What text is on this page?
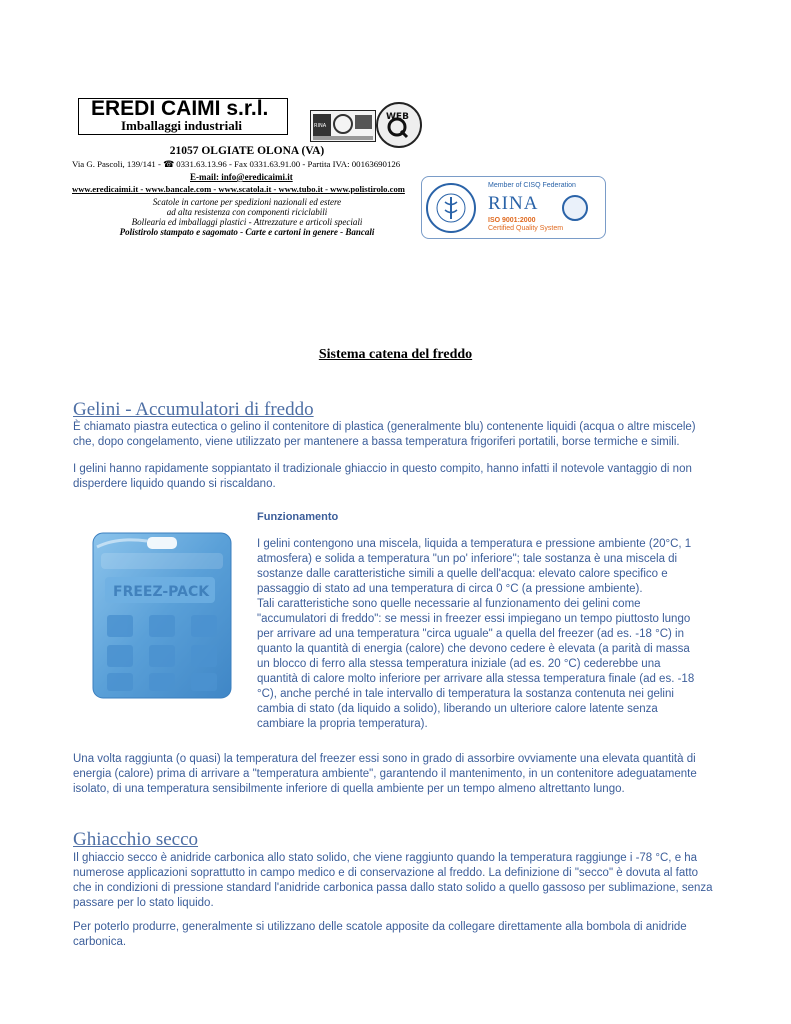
EREDI CAIMI s.r.l.
Imballaggi industriali	RINA
WEB
21057 OLGIATE OLONA (VA)
Via G. Pascoli, 139/141 - ☎ 0331.63.13.96 - Fax 0331.63.91.00 - Partita IVA: 00163690126
E-mail: info@eredicaimi.it
www.eredicaimi.it - www.bancale.com - www.scatola.it - www.tubo.it - www.polistirolo.com
Scatole in cartone per spedizioni nazionali ed estere
ad alta resistenza con componenti riciclabili
Bollearia ed imballaggi plastici - Attrezzature e articoli speciali
Polistirolo stampato e sagomato - Carte e cartoni in genere - Bancali
Member of CISQ Federation
RINA
ISO 9001:2000
Certified Quality System
Sistema catena del freddo
Gelini - Accumulatori di freddo
È chiamato piastra eutectica o gelino il contenitore di plastica (generalmente blu) contenente liquidi (acqua o altre miscele) che, dopo congelamento, viene utilizzato per mantenere a bassa temperatura frigoriferi portatili, borse termiche e simili.
I gelini hanno rapidamente soppiantato il tradizionale ghiaccio in questo compito, hanno infatti il notevole vantaggio di non disperdere liquido quando si riscaldano.
FREEZ-PACK
Funzionamento
I gelini contengono una miscela, liquida a temperatura e pressione ambiente (20°C, 1 atmosfera) e solida a temperatura "un po' inferiore"; tale sostanza è una miscela di sostanze dalle caratteristiche simili a quelle dell'acqua: elevato calore specifico e passaggio di stato ad una temperatura di circa 0 °C (a pressione ambiente).
Tali caratteristiche sono quelle necessarie al funzionamento dei gelini come "accumulatori di freddo": se messi in freezer essi impiegano un tempo piuttosto lungo per arrivare ad una temperatura "circa uguale" a quella del freezer (ad es. -18 °C) in quanto la quantità di energia (calore) che devono cedere è elevata (a parità di massa un blocco di ferro alla stessa temperatura iniziale (ad es. 20 °C) cederebbe una quantità di calore molto inferiore per arrivare alla stessa temperatura finale (ad es. -18 °C), anche perché in tale intervallo di temperatura la sostanza contenuta nei gelini cambia di stato (da liquido a solido), liberando un ulteriore calore latente senza cambiare la propria temperatura).
Una volta raggiunta (o quasi) la temperatura del freezer essi sono in grado di assorbire ovviamente una elevata quantità di energia (calore) prima di arrivare a "temperatura ambiente", garantendo il mantenimento, in un contenitore adeguatamente isolato, di una temperatura sensibilmente inferiore di quella ambiente per un tempo almeno altrettanto lungo.
Ghiacchio secco
Il ghiaccio secco è anidride carbonica allo stato solido, che viene raggiunto quando la temperatura raggiunge i -78 °C, e ha numerose applicazioni soprattutto in campo medico e di conservazione al freddo. La definizione di "secco" è dovuta al fatto che in condizioni di pressione standard l'anidride carbonica passa dallo stato solido a quello gassoso per sublimazione, senza passare per lo stato liquido.
Per poterlo produrre, generalmente si utilizzano delle scatole apposite da collegare direttamente alla bombola di anidride carbonica.
